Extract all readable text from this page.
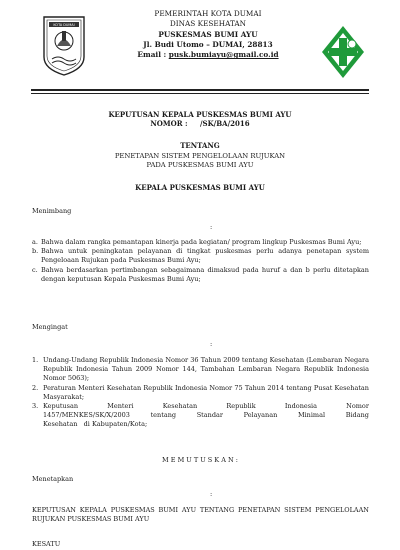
KOTA DUMAI
PEMERINTAH KOTA DUMAI
DINAS KESEHATAN
PUSKESMAS BUMI AYU
Jl. Budi Utomo – DUMAI, 28813
Email : pusk.bumiayu@gmail.co.id
KEPUTUSAN KEPALA PUSKESMAS BUMI AYU
NOMOR : /SK/BA/2016
TENTANG
PENETAPAN SISTEM PENGELOLAAN RUJUKAN
PADA PUSKESMAS BUMI AYU
KEPALA PUSKESMAS BUMI AYU
Menimbang
:
a. Bahwa dalam rangka pemantapan kinerja pada kegiatan/ program lingkup Puskesmas Bumi Ayu;
b. Bahwa untuk peningkatan pelayanan di tingkat puskesmas perlu adanya penetapan system Pengeloaan Rujukan pada Puskesmas Bumi Ayu;
c. Bahwa berdasarkan pertimbangan sebagaimana dimaksud pada huruf a dan b perlu ditetapkan dengan keputusan Kepala Puskesmas Bumi Ayu;
Mengingat
:
1. Undang-Undang Republik Indonesia Nomor 36 Tahun 2009 tentang Kesehatan (Lembaran Negara Republik Indonesia Tahun 2009 Nomor 144, Tambahan Lembaran Negara Republik Indonesia Nomor 5063);
2. Peraturan Menteri Kesehatan Republik Indonesia Nomor 75 Tahun 2014 tentang Pusat Kesehatan Masyarakat;
3. Keputusan	Menteri	Kesehatan	Republik	Indonesia	Nomor
1457/MENKES/SK/X/2003	tentang	Standar	Pelayanan	Minimal	Bidang
Kesehatan   di Kabupaten/Kota;
M E M U T U S K A N :
Menetapkan
:
KEPUTUSAN KEPALA PUSKESMAS BUMI AYU TENTANG PENETAPAN SISTEM PENGELOLAAN RUJUKAN PUSKESMAS BUMI AYU
KESATU
